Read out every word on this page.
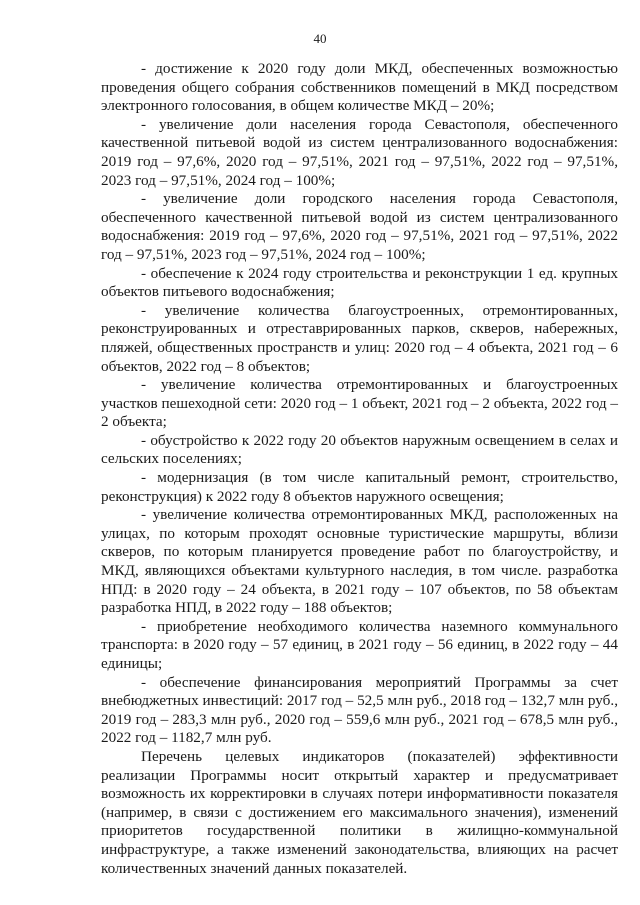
40

- достижение к 2020 году доли МКД, обеспеченных возможностью проведения общего собрания собственников помещений в МКД посредством электронного голосования, в общем количестве МКД – 20%;

- увеличение доли населения города Севастополя, обеспеченного качественной питьевой водой из систем централизованного водоснабжения: 2019 год – 97,6%, 2020 год – 97,51%, 2021 год – 97,51%, 2022 год – 97,51%, 2023 год – 97,51%, 2024 год – 100%;

- увеличение доли городского населения города Севастополя, обеспеченного качественной питьевой водой из систем централизованного водоснабжения: 2019 год – 97,6%, 2020 год – 97,51%, 2021 год – 97,51%, 2022 год – 97,51%, 2023 год – 97,51%, 2024 год – 100%;

- обеспечение к 2024 году строительства и реконструкции 1 ед. крупных объектов питьевого водоснабжения;

- увеличение количества благоустроенных, отремонтированных, реконструированных и отреставрированных парков, скверов, набережных, пляжей, общественных пространств и улиц: 2020 год – 4 объекта, 2021 год – 6 объектов, 2022 год – 8 объектов;

- увеличение количества отремонтированных и благоустроенных участков пешеходной сети: 2020 год – 1 объект, 2021 год – 2 объекта, 2022 год – 2 объекта;

- обустройство к 2022 году 20 объектов наружным освещением в селах и сельских поселениях;

- модернизация (в том числе капитальный ремонт, строительство, реконструкция) к 2022 году 8 объектов наружного освещения;

- увеличение количества отремонтированных МКД, расположенных на улицах, по которым проходят основные туристические маршруты, вблизи скверов, по которым планируется проведение работ по благоустройству, и МКД, являющихся объектами культурного наследия, в том числе. разработка НПД: в 2020 году – 24 объекта, в 2021 году – 107 объектов, по 58 объектам разработка НПД, в 2022 году – 188 объектов;

- приобретение необходимого количества наземного коммунального транспорта: в 2020 году – 57 единиц, в 2021 году – 56 единиц, в 2022 году – 44 единицы;

- обеспечение финансирования мероприятий Программы за счет внебюджетных инвестиций: 2017 год – 52,5 млн руб., 2018 год – 132,7 млн руб., 2019 год – 283,3 млн руб., 2020 год – 559,6 млн руб., 2021 год – 678,5 млн руб., 2022 год – 1182,7 млн руб.

Перечень целевых индикаторов (показателей) эффективности реализации Программы носит открытый характер и предусматривает возможность их корректировки в случаях потери информативности показателя (например, в связи с достижением его максимального значения), изменений приоритетов государственной политики в жилищно-коммунальной инфраструктуре, а также изменений законодательства, влияющих на расчет количественных значений данных показателей.
